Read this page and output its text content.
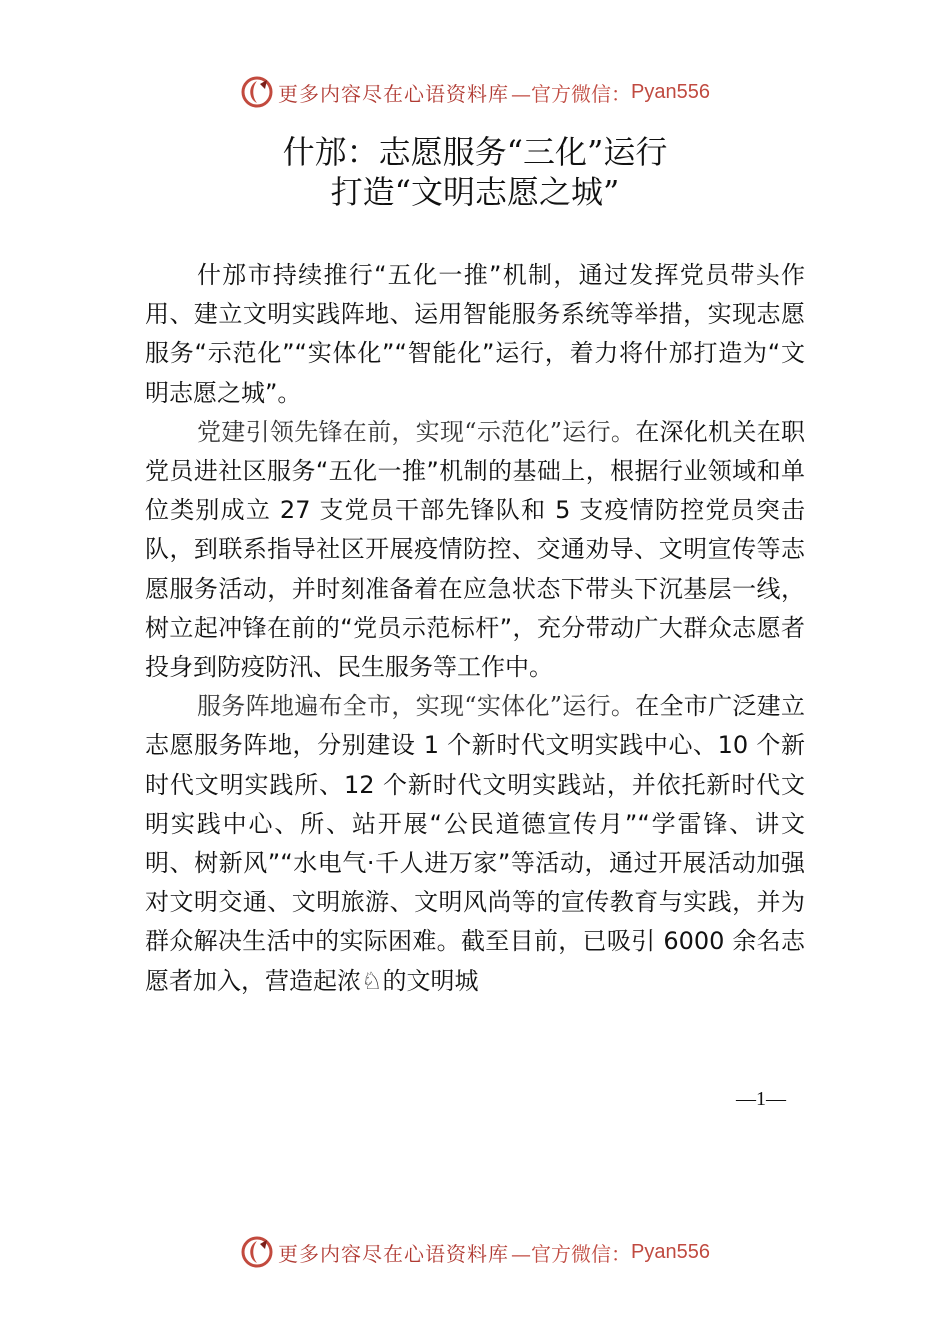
更多内容尽在心语资料库 —官方微信： Pyan556
什邡：志愿服务“三化”运行
打造“文明志愿之城”

什邡市持续推行“五化一推”机制，通过发挥党员带头作用、建立文明实践阵地、运用智能服务系统等举措，实现志愿服务“示范化”“实体化”“智能化”运行，着力将什邡打造为“文明志愿之城”。

党建引领先锋在前，实现“示范化”运行。在深化机关在职党员进社区服务“五化一推”机制的基础上，根据行业领域和单位类别成立 27 支党员干部先锋队和 5 支疫情防控党员突击队，到联系指导社区开展疫情防控、交通劝导、文明宣传等志愿服务活动，并时刻准备着在应急状态下带头下沉基层一线，树立起冲锋在前的“党员示范标杆”，充分带动广大群众志愿者投身到防疫防汛、民生服务等工作中。

服务阵地遍布全市，实现“实体化”运行。在全市广泛建立志愿服务阵地，分别建设 1 个新时代文明实践中心、10 个新时代文明实践所、12 个新时代文明实践站，并依托新时代文明实践中心、所、站开展“公民道德宣传月”“学雷锋、讲文明、树新风”“水电气·千人进万家”等活动，通过开展活动加强对文明交通、文明旅游、文明风尚等的宣传教育与实践，并为群众解决生活中的实际困难。截至目前，已吸引 6000 余名志愿者加入，营造起浓♘的文明城

—1—
更多内容尽在心语资料库 —官方微信： Pyan556
